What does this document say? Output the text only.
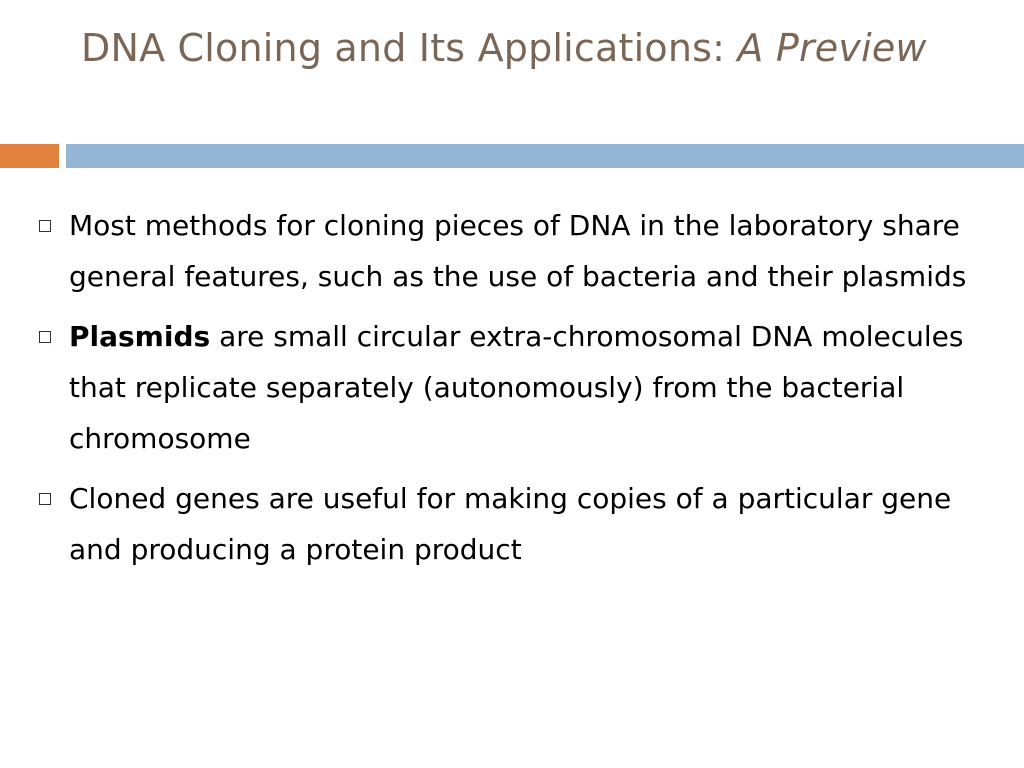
DNA Cloning and Its Applications: A Preview
Most methods for cloning pieces of DNA in the laboratory share general features, such as the use of bacteria and their plasmids
Plasmids are small circular extra-chromosomal DNA molecules that replicate separately (autonomously) from the bacterial chromosome
Cloned genes are useful for making copies of a particular gene and producing a protein product
